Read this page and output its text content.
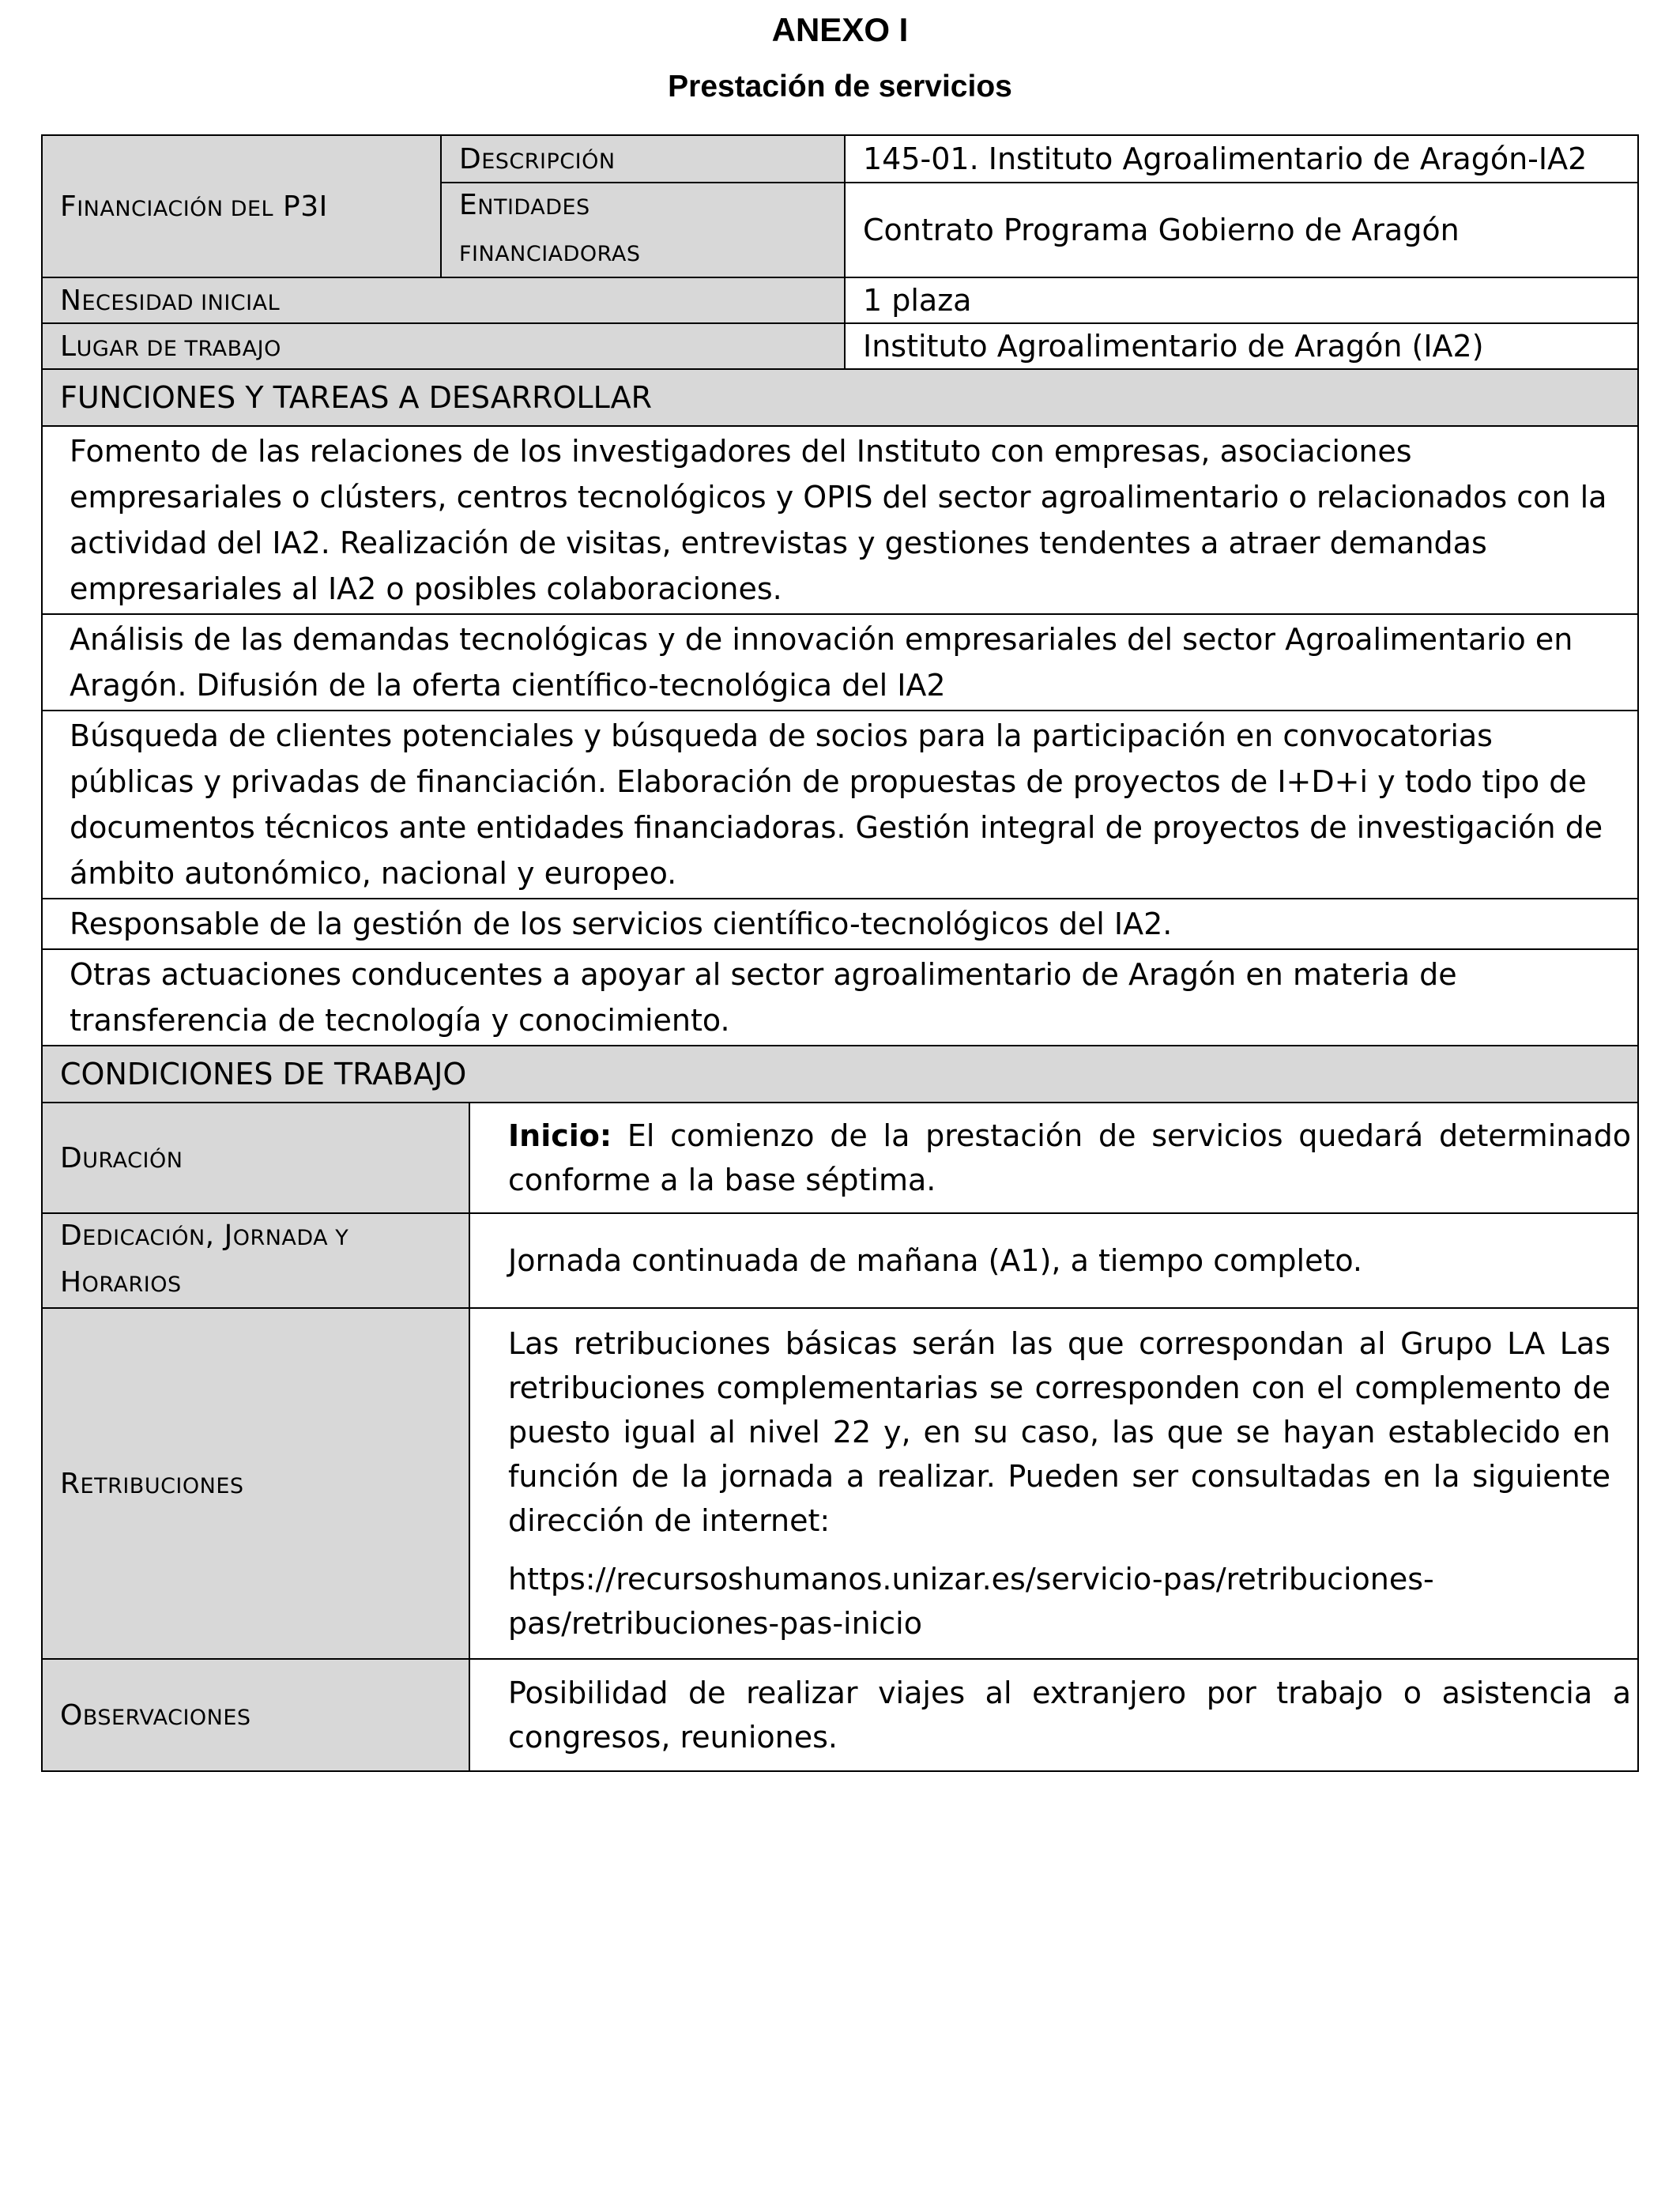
ANEXO I
Prestación de servicios
FINANCIACIÓN DEL P3I	DESCRIPCIÓN		145-01. Instituto Agroalimentario de Aragón-IA2
	ENTIDADES
FINANCIADORAS		Contrato Programa Gobierno de Aragón
NECESIDAD INICIAL			1 plaza
LUGAR DE TRABAJO			Instituto Agroalimentario de Aragón (IA2)
FUNCIONES Y TAREAS A DESARROLLAR			
Fomento de las relaciones de los investigadores del Instituto con empresas, asociaciones empresariales o clústers, centros tecnológicos y OPIS del sector agroalimentario o relacionados con la actividad del IA2. Realización de visitas, entrevistas y gestiones tendentes a atraer demandas empresariales al IA2 o posibles colaboraciones.			
Análisis de las demandas tecnológicas y de innovación empresariales del sector Agroalimentario en Aragón. Difusión de la oferta científico-tecnológica del IA2			
Búsqueda de clientes potenciales y búsqueda de socios para la participación en convocatorias públicas y privadas de financiación. Elaboración de propuestas de proyectos de I+D+i y todo tipo de documentos técnicos ante entidades financiadoras. Gestión integral de proyectos de investigación de ámbito autonómico, nacional y europeo.			
Responsable de la gestión de los servicios científico-tecnológicos del IA2.			
Otras actuaciones conducentes a apoyar al sector agroalimentario de Aragón en materia de transferencia de tecnología y conocimiento.			
CONDICIONES DE TRABAJO			
DURACIÓN		Inicio: El comienzo de la prestación de servicios quedará determinado conforme a la base séptima.	
DEDICACIÓN, JORNADA Y
HORARIOS		Jornada continuada de mañana (A1), a tiempo completo.	
RETRIBUCIONES		Las retribuciones básicas serán las que correspondan al Grupo LA Las retribuciones complementarias se corresponden con el complemento de puesto igual al nivel 22 y, en su caso, las que se hayan establecido en función de la jornada a realizar. Pueden ser consultadas en la siguiente dirección de internet:
https://recursoshumanos.unizar.es/servicio-pas/retribuciones-pas/retribuciones-pas-inicio	

OBSERVACIONES		Posibilidad de realizar viajes al extranjero por trabajo o asistencia a congresos, reuniones.	
